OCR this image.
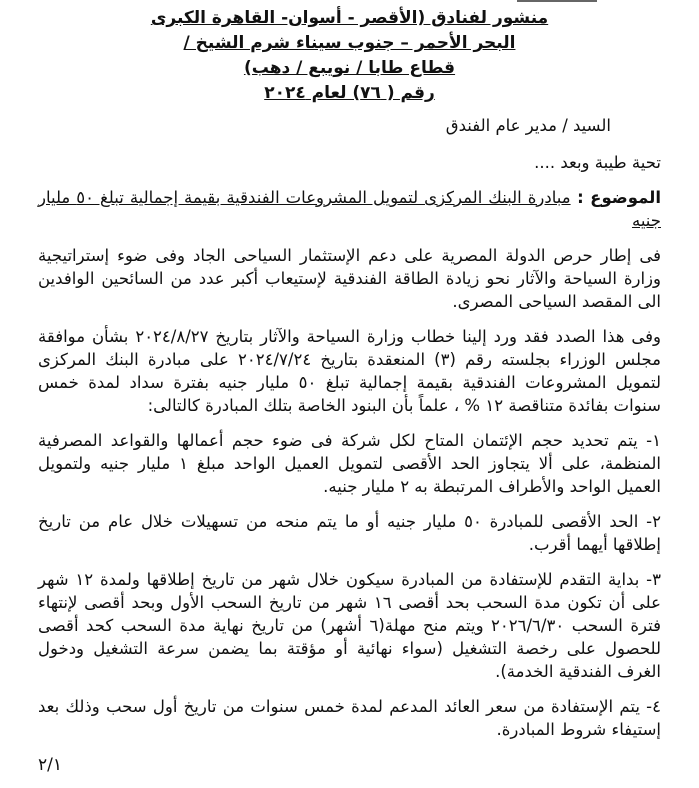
منشور لفنادق (الأقصر - أسوان- القاهرة الكبرى
البحر الأحمر – جنوب سيناء شرم الشيخ /
قطاع طابا / نويبع / دهب)
رقم ( ٧٦) لعام ٢٠٢٤
السيد / مدير عام الفندق
تحية طيبة وبعد ....
الموضوع : مبادرة البنك المركزى لتمويل المشروعات الفندقية بقيمة إجمالية تبلغ ٥٠ مليار جنيه
فى إطار حرص الدولة المصرية على دعم الإستثمار السياحى الجاد وفى ضوء إستراتيجية وزارة السياحة والآثار نحو زيادة الطاقة الفندقية لإستيعاب أكبر عدد من السائحين الوافدين الى المقصد السياحى المصرى.
وفى هذا الصدد فقد ورد إلينا خطاب وزارة السياحة والآثار بتاريخ ٢٠٢٤/٨/٢٧ بشأن موافقة مجلس الوزراء بجلسته رقم (٣) المنعقدة بتاريخ ٢٠٢٤/٧/٢٤ على مبادرة البنك المركزى لتمويل المشروعات الفندقية بقيمة إجمالية تبلغ ٥٠ مليار جنيه بفترة سداد لمدة خمس سنوات بفائدة متناقصة ١٢ % ، علماً بأن البنود الخاصة بتلك المبادرة كالتالى:
١- يتم تحديد حجم الإئتمان المتاح لكل شركة فى ضوء حجم أعمالها والقواعد المصرفية المنظمة، على ألا يتجاوز الحد الأقصى لتمويل العميل الواحد مبلغ ١ مليار جنيه ولتمويل العميل الواحد والأطراف المرتبطة به ٢ مليار جنيه.
٢- الحد الأقصى للمبادرة ٥٠ مليار جنيه أو ما يتم منحه من تسهيلات خلال عام من تاريخ إطلاقها أيهما أقرب.
٣- بداية التقدم للإستفادة من المبادرة سيكون خلال شهر من تاريخ إطلاقها ولمدة ١٢ شهر على أن تكون مدة السحب بحد أقصى ١٦ شهر من تاريخ السحب الأول وبحد أقصى لإنتهاء فترة السحب ٢٠٢٦/٦/٣٠ ويتم منح مهلة(٦ أشهر) من تاريخ نهاية مدة السحب كحد أقصى للحصول على رخصة التشغيل (سواء نهائية أو مؤقتة بما يضمن سرعة التشغيل ودخول الغرف الفندقية الخدمة).
٤- يتم الإستفادة من سعر العائد المدعم لمدة خمس سنوات من تاريخ أول سحب وذلك بعد إستيفاء شروط المبادرة.
٢/١
